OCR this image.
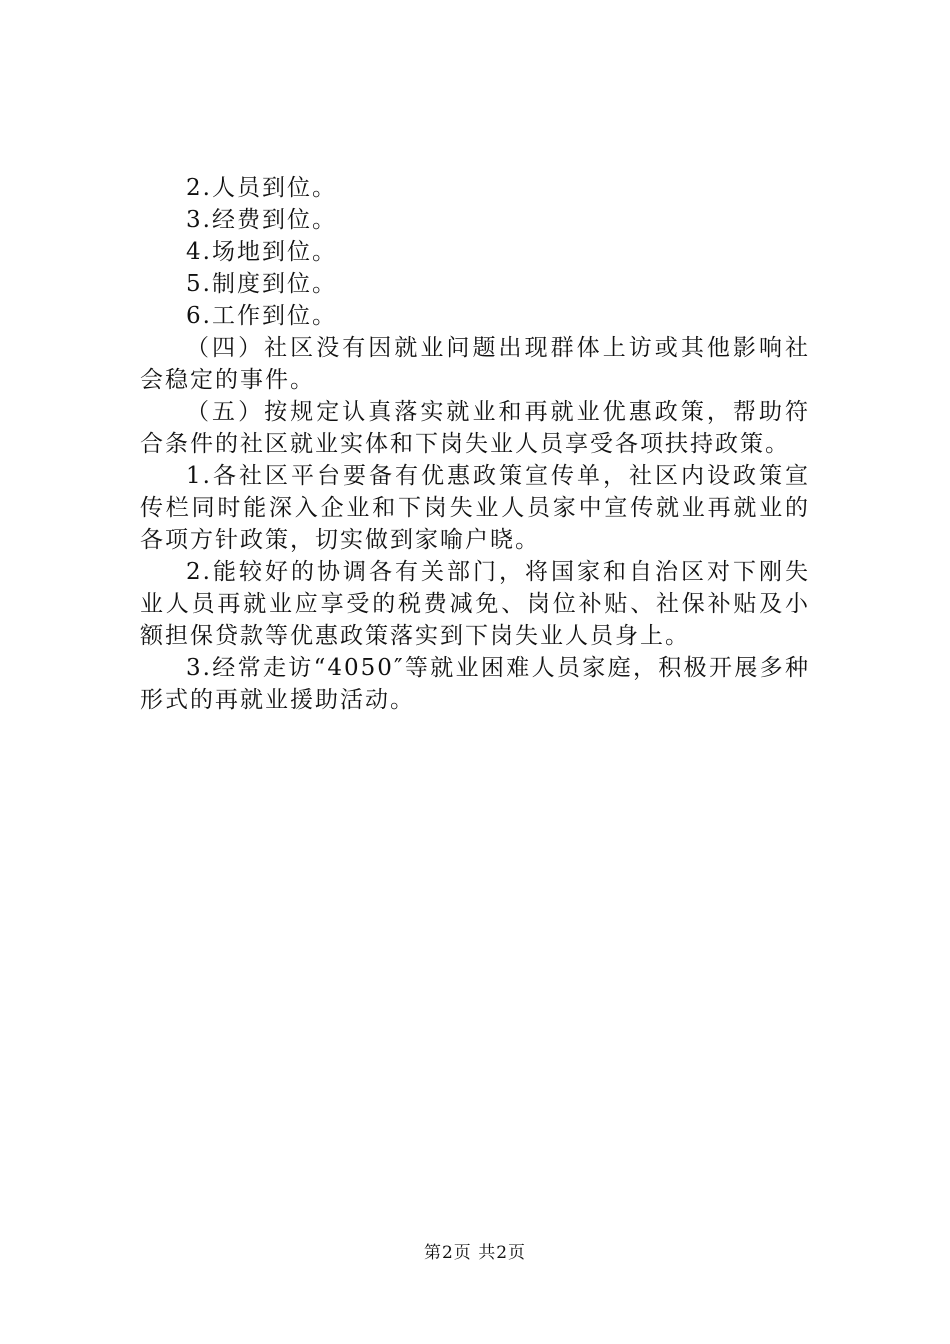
2.人员到位。

3.经费到位。

4.场地到位。

5.制度到位。

6.工作到位。

（四）社区没有因就业问题出现群体上访或其他影响社会稳定的事件。

（五）按规定认真落实就业和再就业优惠政策，帮助符合条件的社区就业实体和下岗失业人员享受各项扶持政策。

1.各社区平台要备有优惠政策宣传单，社区内设政策宣传栏同时能深入企业和下岗失业人员家中宣传就业再就业的各项方针政策，切实做到家喻户晓。

2.能较好的协调各有关部门，将国家和自治区对下刚失业人员再就业应享受的税费减免、岗位补贴、社保补贴及小额担保贷款等优惠政策落实到下岗失业人员身上。

3.经常走访“4050″等就业困难人员家庭，积极开展多种形式的再就业援助活动。

第2页 共2页
